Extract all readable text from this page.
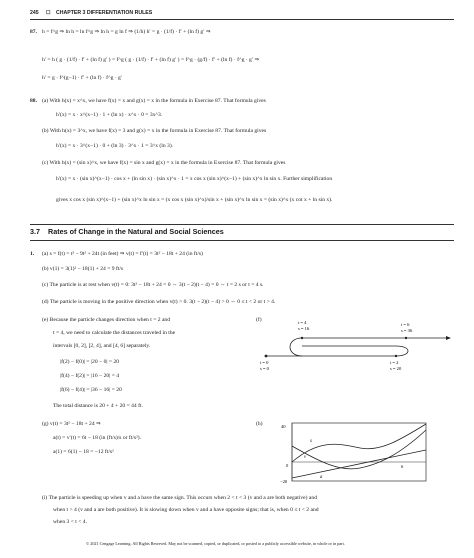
245 ☐ CHAPTER 3 DIFFERENTIATION RULES
87. h = f^g ⇒ ln h = ln f^g ⇒ ln h = g ln f ⇒ (1/h) h′ = g · (1/f) · f′ + (ln f) g′ ⇒
h′ = h ( g · (1/f) · f′ + (ln f) g′ ) = f^g ( g · (1/f) · f′ + (ln f) g′ ) = f^g · (g/f) · f′ + (ln f) · f^g · g′ ⇒
h′ = g · f^(g−1) · f′ + (ln f) · f^g · g′
88. (a) With h(x) = x^x, we have f(x) = x and g(x) = x in the formula in Exercise 87. That formula gives
h′(x) = x · x^(x−1) · 1 + (ln x) · x^x · 0 = 3x^3.
(b) With h(x) = 3^x, we have f(x) = 3 and g(x) = x in the formula in Exercise 87. That formula gives
h′(x) = x · 3^(x−1) · 0 + (ln 3) · 3^x · 1 = 3^x (ln 3).
(c) With h(x) = (sin x)^x, we have f(x) = sin x and g(x) = x in the formula in Exercise 87. That formula gives
h′(x) = x · (sin x)^(x−1) · cos x + (ln sin x) · (sin x)^x · 1 = x cos x (sin x)^(x−1) + (sin x)^x ln sin x. Further simplification
gives x cos x (sin x)^(x−1) + (sin x)^x ln sin x = (x cos x (sin x)^x)/sin x + (sin x)^x ln sin x = (sin x)^x (x cot x + ln sin x).
3.7 Rates of Change in the Natural and Social Sciences
1. (a) s = f(t) = t³ − 9t² + 24t (in feet) ⇒ v(t) = f′(t) = 3t² − 18t + 24 (in ft/s)
(b) v(1) = 3(1)² − 18(1) + 24 = 9 ft/s
(c) The particle is at rest when v(t) = 0: 3t² − 18t + 24 = 0 ⇔ 3(t − 2)(t − 4) = 0 ⇔ t = 2 s or t = 4 s.
(d) The particle is moving in the positive direction when v(t) > 0. 3(t − 2)(t − 4) > 0 ⇔ 0 ≤ t < 2 or t > 4.
(e) Because the particle changes direction when t = 2 and
t = 4, we need to calculate the distances traveled in the
intervals [0, 2], [2, 4], and [4, 6] separately.
|f(2) − f(0)| = |20 − 0| = 20
|f(4) − f(2)| = |16 − 20| = 4
|f(6) − f(4)| = |36 − 16| = 20
The total distance is 20 + 4 + 20 = 44 ft.
(f)	t = 4
s = 16
t = 6
s = 36
t = 0
s = 0
t = 2
s = 20
(g) v(t) = 3t² − 18t + 24 ⇒
a(t) = v′(t) = 6t − 18 (in (ft/s)/s or ft/s²).
a(1) = 6(1) − 18 = −12 ft/s²
(h)	40
−20
0	6
s
v
a
(i) The particle is speeding up when v and a have the same sign. This occurs when 2 < t < 3 (v and a are both negative) and
when t > 4 (v and a are both positive). It is slowing down when v and a have opposite signs; that is, when 0 ≤ t < 2 and
when 3 < t < 4.
© 2021 Cengage Learning. All Rights Reserved. May not be scanned, copied, or duplicated, or posted to a publicly accessible website, in whole or in part.
